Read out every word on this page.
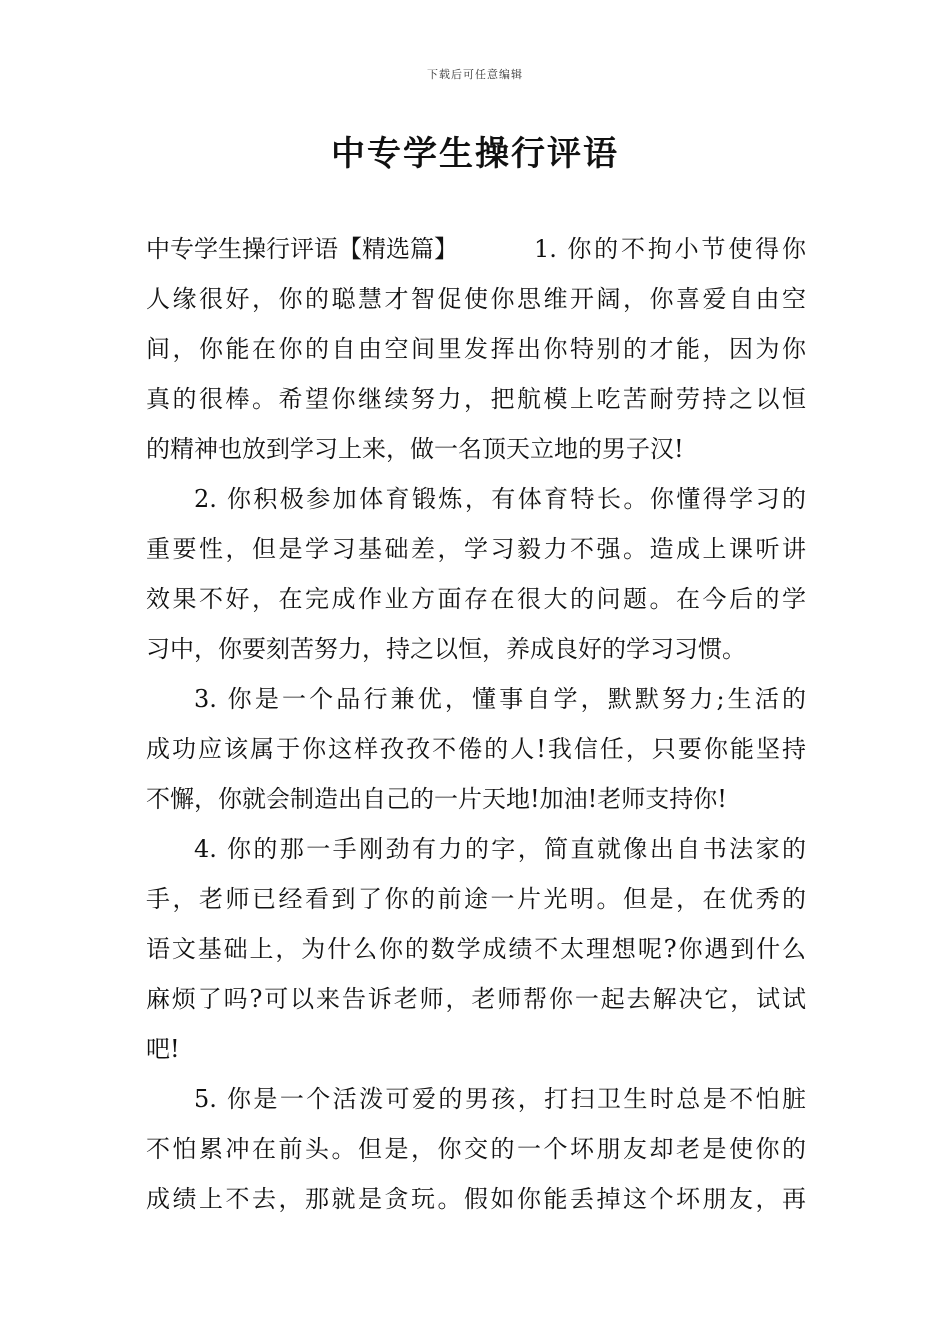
下载后可任意编辑
中专学生操行评语
中专学生操行评语【精选篇】	1. 你的不拘小节使得你
人缘很好，你的聪慧才智促使你思维开阔，你喜爱自由空
间，你能在你的自由空间里发挥出你特别的才能，因为你
真的很棒。希望你继续努力，把航模上吃苦耐劳持之以恒
的精神也放到学习上来，做一名顶天立地的男子汉!
2. 你积极参加体育锻炼，有体育特长。你懂得学习的
重要性，但是学习基础差，学习毅力不强。造成上课听讲
效果不好，在完成作业方面存在很大的问题。在今后的学
习中，你要刻苦努力，持之以恒，养成良好的学习习惯。
3. 你是一个品行兼优，懂事自学，默默努力;生活的
成功应该属于你这样孜孜不倦的人!我信任，只要你能坚持
不懈，你就会制造出自己的一片天地!加油!老师支持你!
4. 你的那一手刚劲有力的字，简直就像出自书法家的
手，老师已经看到了你的前途一片光明。但是，在优秀的
语文基础上，为什么你的数学成绩不太理想呢?你遇到什么
麻烦了吗?可以来告诉老师，老师帮你一起去解决它，试试
吧!
5. 你是一个活泼可爱的男孩，打扫卫生时总是不怕脏
不怕累冲在前头。但是，你交的一个坏朋友却老是使你的
成绩上不去，那就是贪玩。假如你能丢掉这个坏朋友，再
